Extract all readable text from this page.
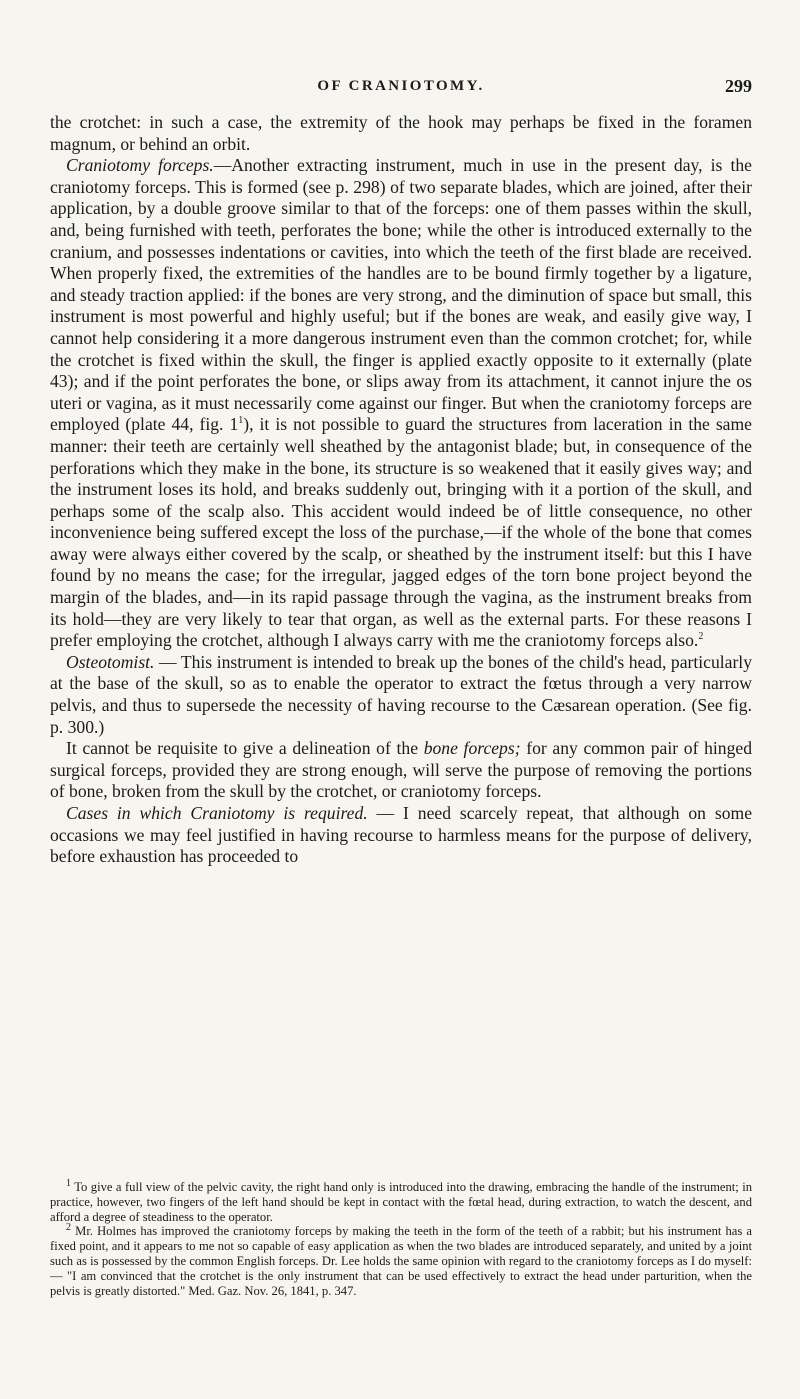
OF CRANIOTOMY.	299

the crotchet: in such a case, the extremity of the hook may perhaps be fixed in the foramen magnum, or behind an orbit.

Craniotomy forceps.—Another extracting instrument, much in use in the present day, is the craniotomy forceps. This is formed (see p. 298) of two separate blades, which are joined, after their application, by a double groove similar to that of the forceps: one of them passes within the skull, and, being furnished with teeth, perforates the bone; while the other is introduced externally to the cranium, and possesses indentations or cavities, into which the teeth of the first blade are received. When properly fixed, the extremities of the handles are to be bound firmly together by a ligature, and steady traction applied: if the bones are very strong, and the diminution of space but small, this instrument is most powerful and highly useful; but if the bones are weak, and easily give way, I cannot help considering it a more dangerous instrument even than the common crotchet; for, while the crotchet is fixed within the skull, the finger is applied exactly opposite to it externally (plate 43); and if the point perforates the bone, or slips away from its attachment, it cannot injure the os uteri or vagina, as it must necessarily come against our finger. But when the craniotomy forceps are employed (plate 44, fig. $1^1$), it is not possible to guard the structures from laceration in the same manner: their teeth are certainly well sheathed by the antagonist blade; but, in consequence of the perforations which they make in the bone, its structure is so weakened that it easily gives way; and the instrument loses its hold, and breaks suddenly out, bringing with it a portion of the skull, and perhaps some of the scalp also. This accident would indeed be of little consequence, no other inconvenience being suffered except the loss of the purchase,—if the whole of the bone that comes away were always either covered by the scalp, or sheathed by the instrument itself: but this I have found by no means the case; for the irregular, jagged edges of the torn bone project beyond the margin of the blades, and—in its rapid passage through the vagina, as the instrument breaks from its hold—they are very likely to tear that organ, as well as the external parts. For these reasons I prefer employing the crotchet, although I always carry with me the craniotomy forceps also.$^2$

Osteotomist. — This instrument is intended to break up the bones of the child's head, particularly at the base of the skull, so as to enable the operator to extract the fœtus through a very narrow pelvis, and thus to supersede the necessity of having recourse to the Cæsarean operation. (See fig. p. 300.)

It cannot be requisite to give a delineation of the bone forceps; for any common pair of hinged surgical forceps, provided they are strong enough, will serve the purpose of removing the portions of bone, broken from the skull by the crotchet, or craniotomy forceps.

Cases in which Craniotomy is required. — I need scarcely repeat, that although on some occasions we may feel justified in having recourse to harmless means for the purpose of delivery, before exhaustion has proceeded to

$^1$ To give a full view of the pelvic cavity, the right hand only is introduced into the drawing, embracing the handle of the instrument; in practice, however, two fingers of the left hand should be kept in contact with the fœtal head, during extraction, to watch the descent, and afford a degree of steadiness to the operator.

$^2$ Mr. Holmes has improved the craniotomy forceps by making the teeth in the form of the teeth of a rabbit; but his instrument has a fixed point, and it appears to me not so capable of easy application as when the two blades are introduced separately, and united by a joint such as is possessed by the common English forceps. Dr. Lee holds the same opinion with regard to the craniotomy forceps as I do myself:— "I am convinced that the crotchet is the only instrument that can be used effectively to extract the head under parturition, when the pelvis is greatly distorted." Med. Gaz. Nov. 26, 1841, p. 347.
